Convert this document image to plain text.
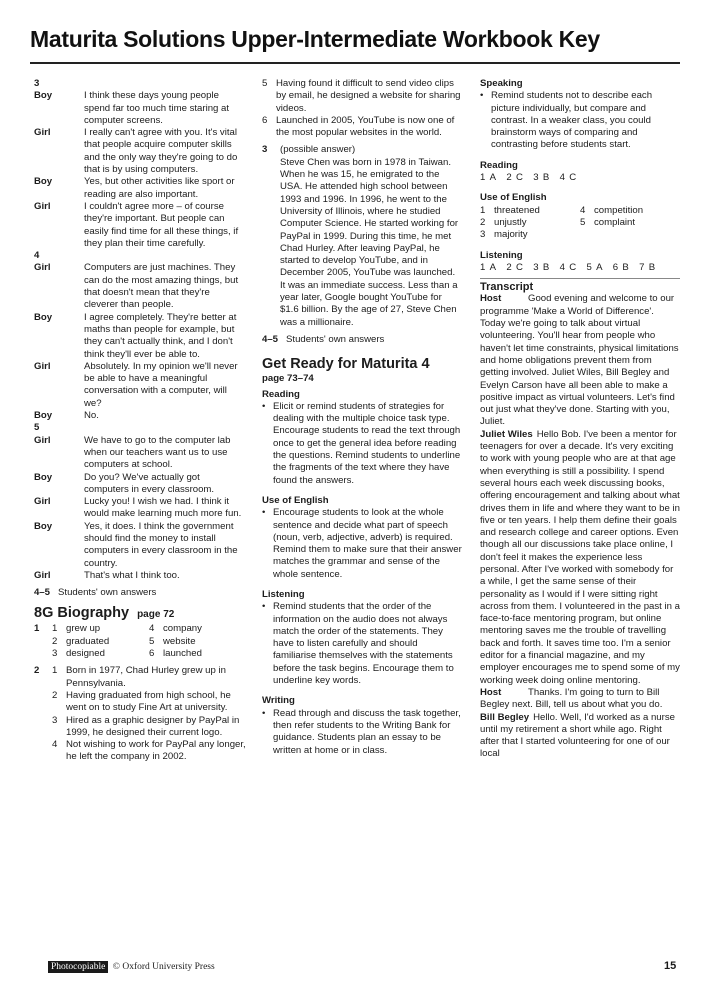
Maturita Solutions Upper-Intermediate Workbook Key
3
Boy	I think these days young people spend far too much time staring at computer screens.
Girl	I really can't agree with you. It's vital that people acquire computer skills and the only way they're going to do that is by using computers.
Boy	Yes, but other activities like sport or reading are also important.
Girl	I couldn't agree more – of course they're important. But people can easily find time for all these things, if they plan their time carefully.
4
Girl	Computers are just machines. They can do the most amazing things, but that doesn't mean that they're cleverer than people.
Boy	I agree completely. They're better at maths than people for example, but they can't actually think, and I don't think they'll ever be able to.
Girl	Absolutely. In my opinion we'll never be able to have a meaningful conversation with a computer, will we?
Boy	No.
5
Girl	We have to go to the computer lab when our teachers want us to use computers at school.
Boy	Do you? We've actually got computers in every classroom.
Girl	Lucky you! I wish we had. I think it would make learning much more fun.
Boy	Yes, it does. I think the government should find the money to install computers in every classroom in the country.
Girl	That's what I think too.
4–5 Students' own answers
8G Biography page 72
1	1 grew up	4 company
2 graduated	5 website
3 designed	6 launched
2	1 Born in 1977, Chad Hurley grew up in Pennsylvania.
2 Having graduated from high school, he went on to study Fine Art at university.
3 Hired as a graphic designer by PayPal in 1999, he designed their current logo.
4 Not wishing to work for PayPal any longer, he left the company in 2002.
5 Having found it difficult to send video clips by email, he designed a website for sharing videos.
6 Launched in 2005, YouTube is now one of the most popular websites in the world.
3	(possible answer)
Steve Chen was born in 1978 in Taiwan. When he was 15, he emigrated to the USA. He attended high school between 1993 and 1996. In 1996, he went to the University of Illinois, where he studied Computer Science. He started working for PayPal in 1999. During this time, he met Chad Hurley. After leaving PayPal, he started to develop YouTube, and in December 2005, YouTube was launched. It was an immediate success. Less than a year later, Google bought YouTube for $1.6 billion. By the age of 27, Steve Chen was a millionaire.
4–5 Students' own answers
Get Ready for Maturita 4
page 73–74
Reading
• Elicit or remind students of strategies for dealing with the multiple choice task type. Encourage students to read the text through once to get the general idea before reading the questions. Remind students to underline the fragments of the text where they have found the answers.
Use of English
• Encourage students to look at the whole sentence and decide what part of speech (noun, verb, adjective, adverb) is required. Remind them to make sure that their answer matches the grammar and sense of the whole sentence.
Listening
• Remind students that the order of the information on the audio does not always match the order of the statements. They have to listen carefully and should familiarise themselves with the statements before the task begins. Encourage them to underline key words.
Writing
• Read through and discuss the task together, then refer students to the Writing Bank for guidance. Students plan an essay to be written at home or in class.
Speaking
• Remind students not to describe each picture individually, but compare and contrast. In a weaker class, you could brainstorm ways of comparing and contrasting before students start.
Reading
1 A 2 C 3 B 4 C
Use of English
1 threatened	4 competition
2 unjustly	5 complaint
3 majority
Listening
1 A 2 C 3 B 4 C 5 A 6 B 7 B
Transcript
Host	Good evening and welcome to our programme 'Make a World of Difference'. Today we're going to talk about virtual volunteering. You'll hear from people who haven't let time constraints, physical limitations and home obligations prevent them from getting involved. Juliet Wiles, Bill Begley and Evelyn Carson have all been able to make a positive impact as virtual volunteers. Let's find out just what they've done. Starting with you, Juliet.
Juliet Wiles Hello Bob. I've been a mentor for teenagers for over a decade. It's very exciting to work with young people who are at that age when everything is still a possibility. I spend several hours each week discussing books, offering encouragement and talking about what drives them in life and where they want to be in five or ten years. I help them define their goals and research college and career options. Even though all our discussions take place online, I don't feel it makes the experience less personal. After I've worked with somebody for a while, I get the same sense of their personality as I would if I were sitting right across from them. I volunteered in the past in a face-to-face mentoring program, but online mentoring saves me the trouble of travelling back and forth. It saves time too. I'm a senior editor for a financial magazine, and my employer encourages me to spend some of my working week doing online mentoring.
Host	Thanks. I'm going to turn to Bill Begley next. Bill, tell us about what you do.
Bill Begley Hello. Well, I'd worked as a nurse until my retirement a short while ago. Right after that I started volunteering for one of our local
Photocopiable © Oxford University Press	15
